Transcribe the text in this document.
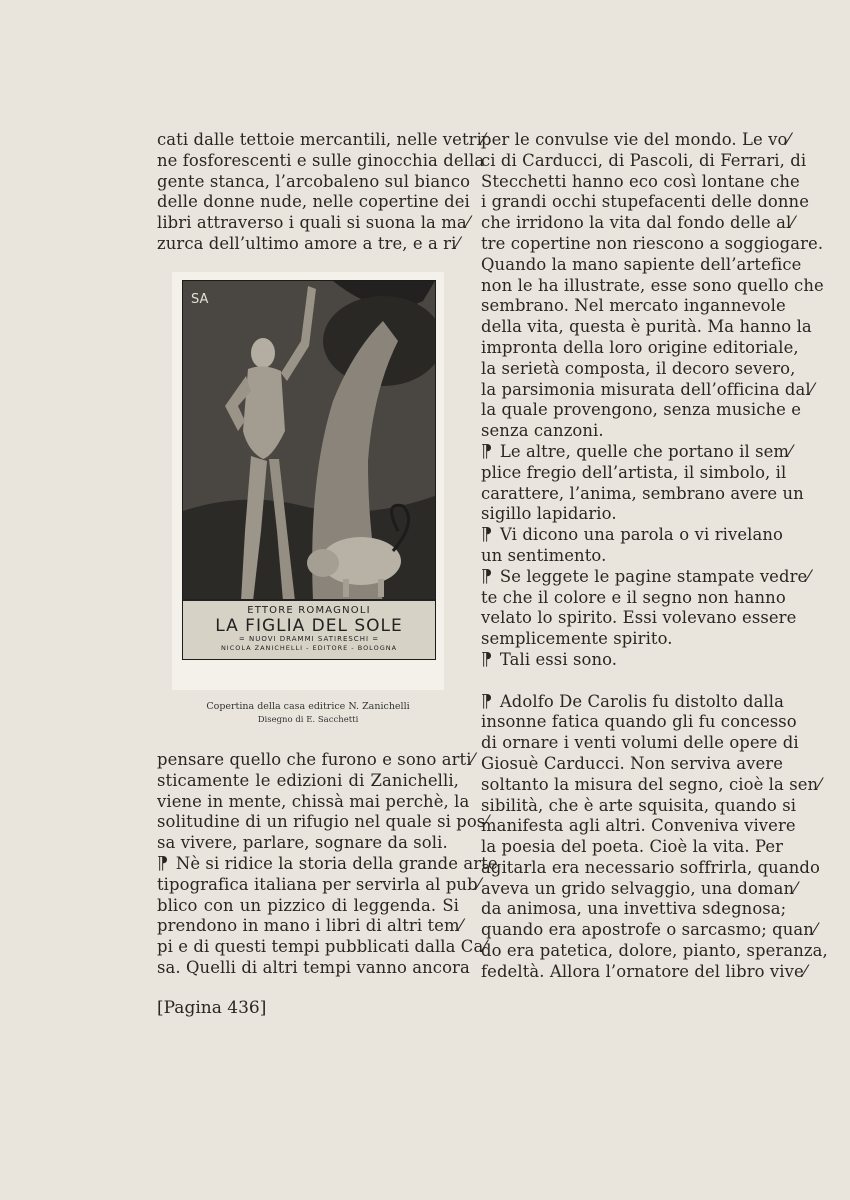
cati dalle tettoie mercantili, nelle vetri⁄
ne fosforescenti e sulle ginocchia della
gente stanca, l’arcobaleno sul bianco
delle donne nude, nelle copertine dei
libri attraverso i quali si suona la ma⁄
zurca dell’ultimo amore a tre, e a ri⁄
SA
ETTORE ROMAGNOLI
LA FIGLIA DEL SOLE
= NUOVI DRAMMI SATIRESCHI =
NICOLA ZANICHELLI - EDITORE - BOLOGNA
Copertina della casa editrice N. Zanichelli
Disegno di E. Sacchetti
pensare quello che furono e sono arti⁄
sticamente le edizioni di Zanichelli,
viene in mente, chissà mai perchè, la
solitudine di un rifugio nel quale si pos⁄
sa vivere, parlare, sognare da soli.
⁋ Nè si ridice la storia della grande arte
tipografica italiana per servirla al pub⁄
blico con un pizzico di leggenda. Si
prendono in mano i libri di altri tem⁄
pi e di questi tempi pubblicati dalla Ca⁄
sa. Quelli di altri tempi vanno ancora
per le convulse vie del mondo. Le vo⁄
ci di Carducci, di Pascoli, di Ferrari, di
Stecchetti hanno eco così lontane che
i grandi occhi stupefacenti delle donne
che irridono la vita dal fondo delle al⁄
tre copertine non riescono a soggiogare.
Quando la mano sapiente dell’artefice
non le ha illustrate, esse sono quello che
sembrano. Nel mercato ingannevole
della vita, questa è purità. Ma hanno la
impronta della loro origine editoriale,
la serietà composta, il decoro severo,
la parsimonia misurata dell’officina dal⁄
la quale provengono, senza musiche e
senza canzoni.
⁋ Le altre, quelle che portano il sem⁄
plice fregio dell’artista, il simbolo, il
carattere, l’anima, sembrano avere un
sigillo lapidario.
⁋ Vi dicono una parola o vi rivelano
un sentimento.
⁋ Se leggete le pagine stampate vedre⁄
te che il colore e il segno non hanno
velato lo spirito. Essi volevano essere
semplicemente spirito.
⁋ Tali essi sono.
⁋ Adolfo De Carolis fu distolto dalla
insonne fatica quando gli fu concesso
di ornare i venti volumi delle opere di
Giosuè Carducci. Non serviva avere
soltanto la misura del segno, cioè la sen⁄
sibilità, che è arte squisita, quando si
manifesta agli altri. Conveniva vivere
la poesia del poeta. Cioè la vita. Per
agitarla era necessario soffrirla, quando
aveva un grido selvaggio, una doman⁄
da animosa, una invettiva sdegnosa;
quando era apostrofe o sarcasmo; quan⁄
do era patetica, dolore, pianto, speranza,
fedeltà. Allora l’ornatore del libro vive⁄
[Pagina 436]
